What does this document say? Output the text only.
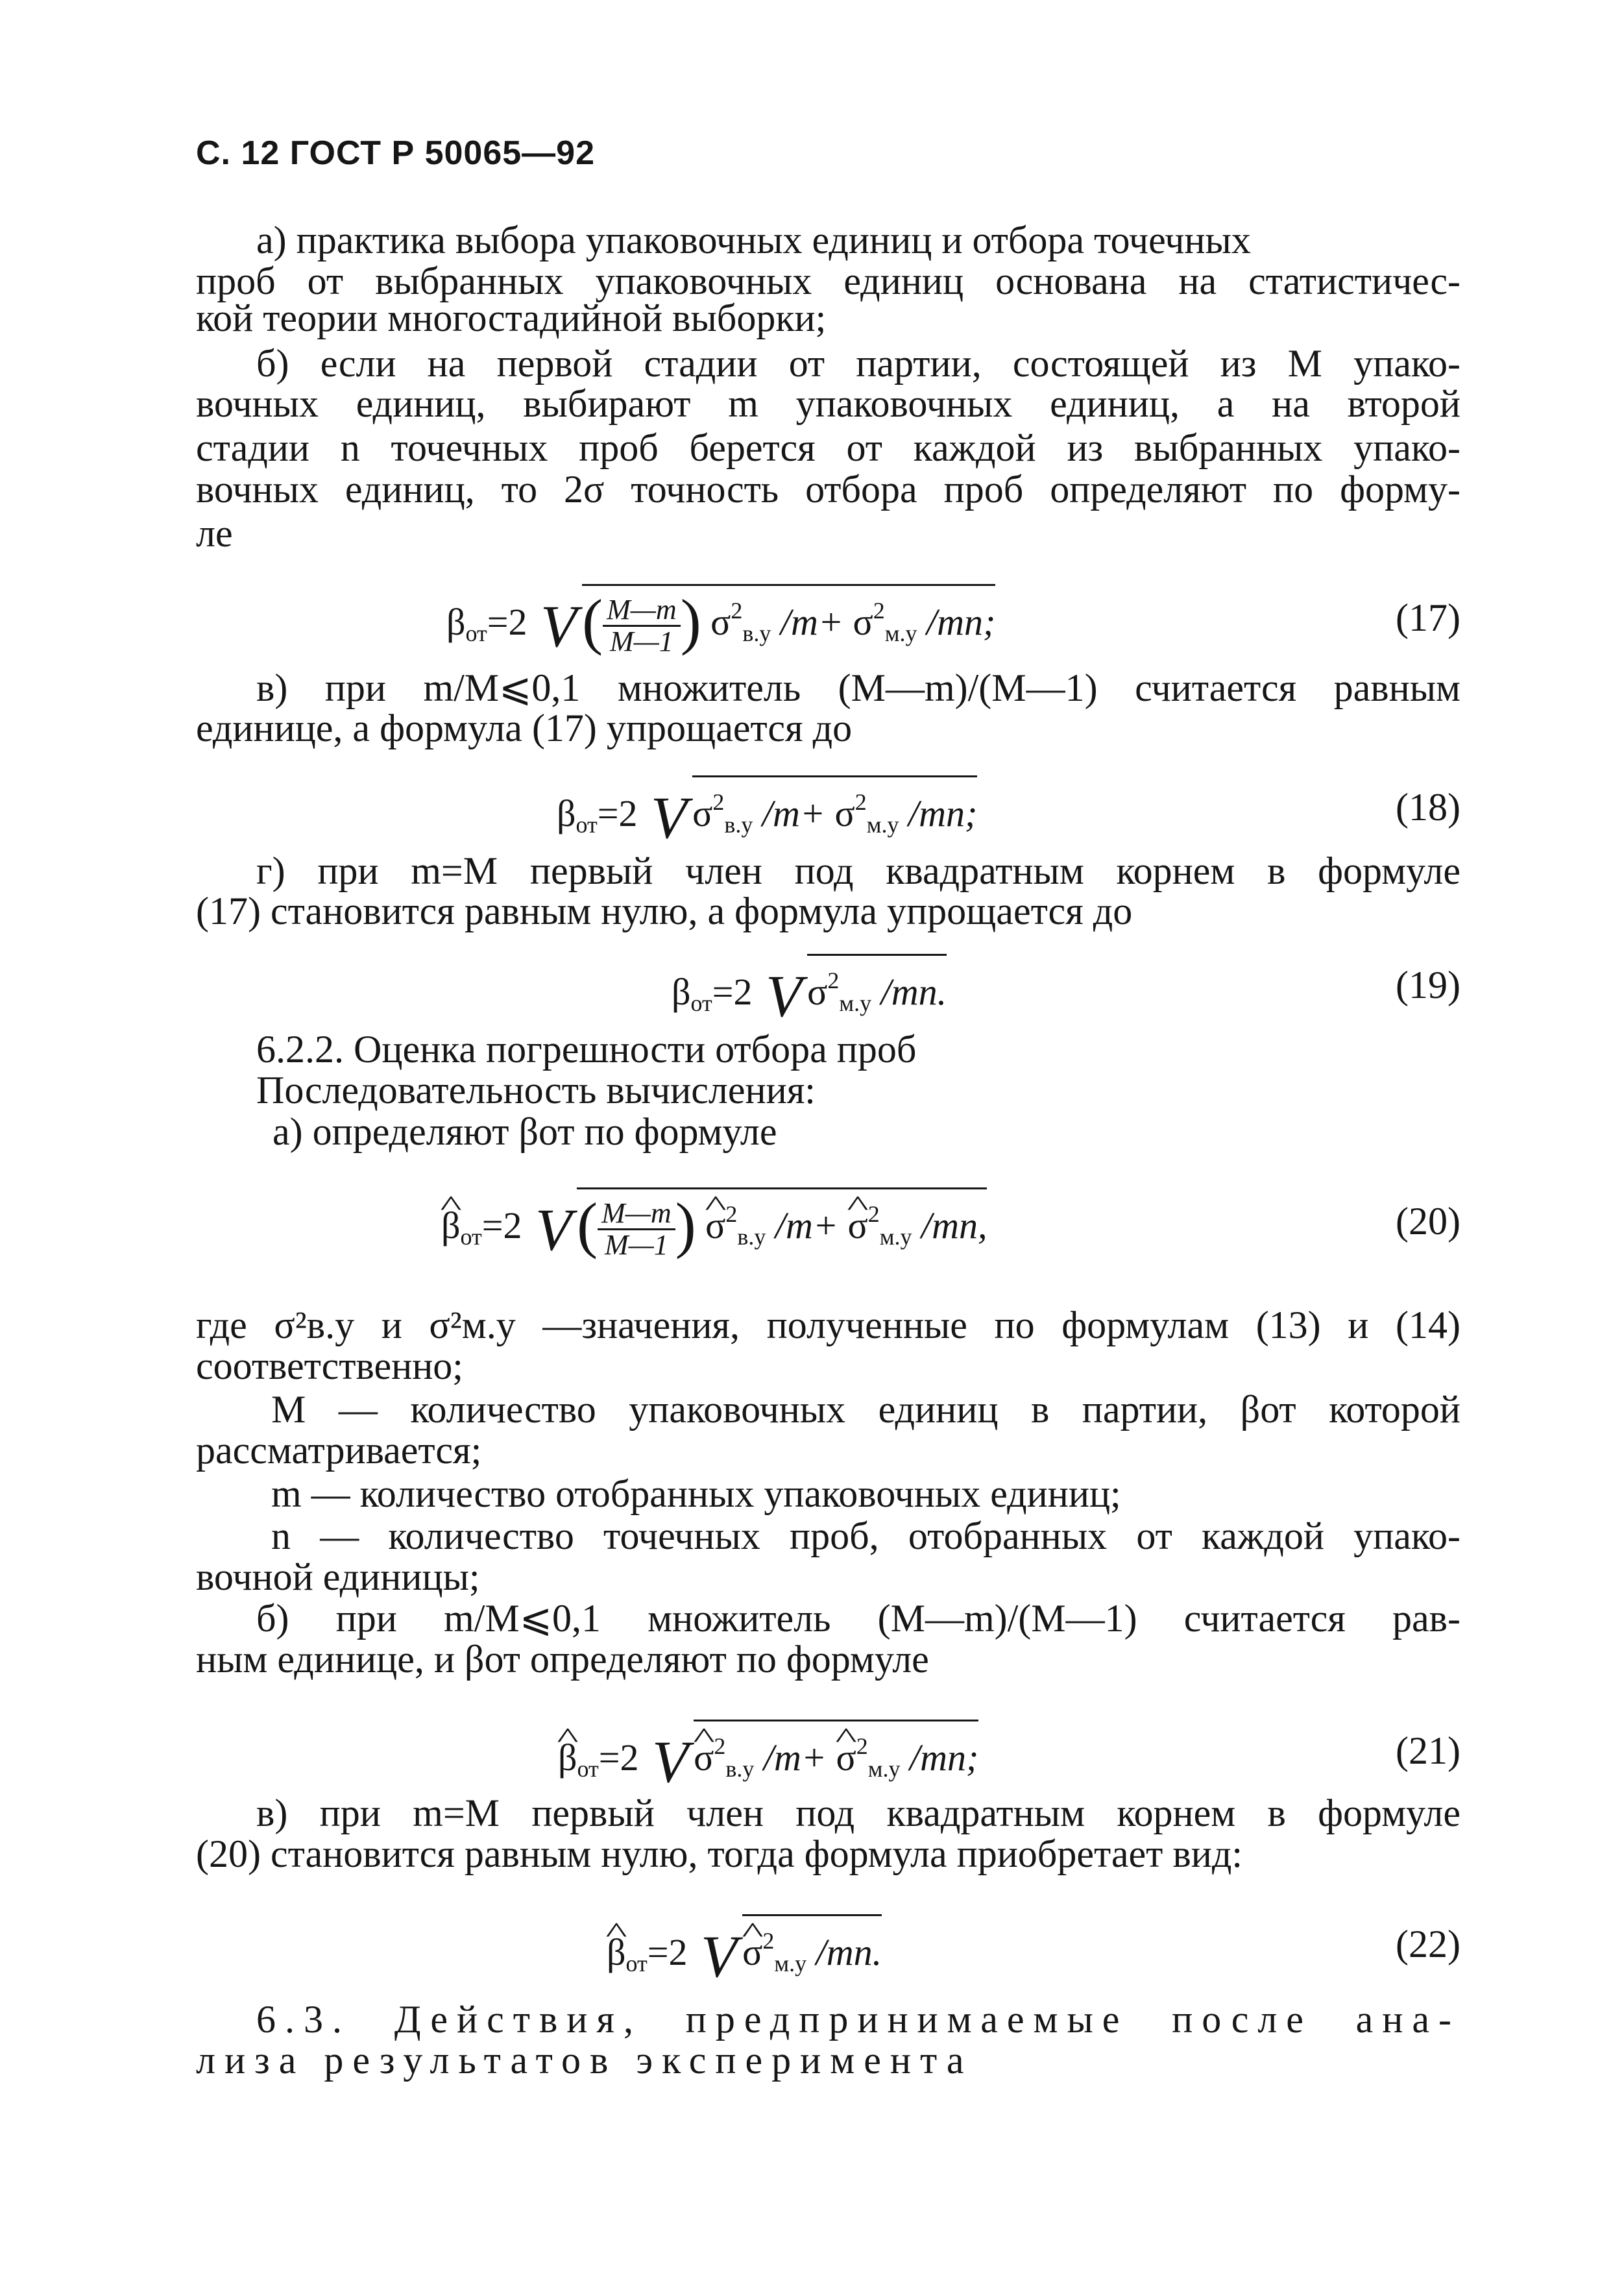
С. 12 ГОСТ Р 50065—92
а) практика выбора упаковочных единиц и отбора точечных
проб от выбранных упаковочных единиц основана на статистичес-
кой теории многостадийной выборки;
б) если на первой стадии от партии, состоящей из M упако-
вочных единиц, выбирают m упаковочных единиц, а на второй
стадии n точечных проб берется от каждой из выбранных упако-
вочных единиц, то 2σ точность отбора проб определяют по форму-
ле
$\beta_{от}=2$ $V( \frac{M—m}{M—1}$ ) $\sigma^2_{в.у}$ $/m+ \sigma^2_{м.у}$ /mn;	(17)
в) при m/M⩽0,1 множитель (M—m)/(M—1) считается равным
единице, а формула (17) упрощается до
$\beta_{от}=2$ V $\sigma^2_{в.у}$ $/m+ \sigma^2_{м.у}$ /mn;	(18)
г) при m=M первый член под квадратным корнем в формуле
(17) становится равным нулю, а формула упрощается до
$\beta_{от}=2$ V $\sigma^2_{м.у}$ /mn.	(19)
6.2.2. Оценка погрешности отбора проб
Последовательность вычисления:
а) определяют βот по формуле
^ $\beta_{от}=2$ $V( \frac{M—m}{M—1}$ ) ^ $\sigma^2_{в.у}$ /m+ ^ $\sigma^2_{м.у}$ /mn,	(20)
где σ²в.у и σ²м.у —значения, полученные по формулам (13) и (14)
соответственно;
M — количество упаковочных единиц в партии, βот которой
рассматривается;
m — количество отобранных упаковочных единиц;
n — количество точечных проб, отобранных от каждой упако-
вочной единицы;
б) при m/M⩽0,1 множитель (M—m)/(M—1) считается рав-
ным единице, и βот определяют по формуле
^ $\beta_{от}=2$ V ^ $\sigma^2_{в.у}$ /m+ ^ $\sigma^2_{м.у}$ /mn;	(21)
в) при m=M первый член под квадратным корнем в формуле
(20) становится равным нулю, тогда формула приобретает вид:
^ $\beta_{от}=2$ V ^ $\sigma^2_{м.у}$ /mn.	(22)
6.3. Действия, предпринимаемые после ана-
лиза результатов эксперимента
